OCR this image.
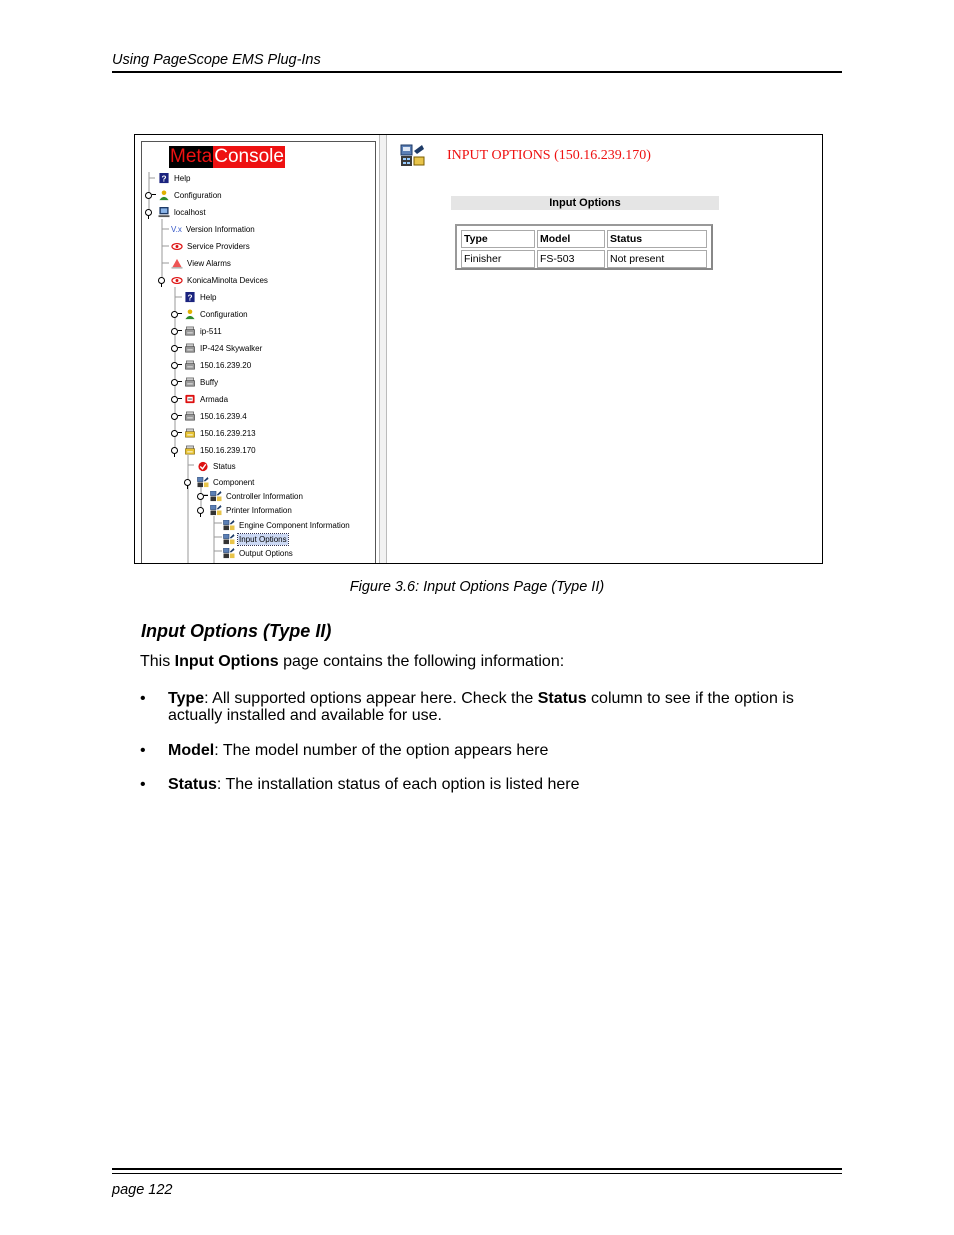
Using PageScope EMS Plug-Ins
Meta Console
? Help
Configuration
localhost
V.x Version Information
Service Providers
View Alarms
KonicaMinolta Devices
? Help
Configuration
ip-511
IP-424 Skywalker
150.16.239.20
Buffy
Armada
150.16.239.4
150.16.239.213
150.16.239.170
Status
Component
Controller Information
Printer Information
Engine Component Information
Input Options
Output Options
INPUT OPTIONS (150.16.239.170)
Input Options
Type	Model	Status
Finisher	FS-503	Not present
Figure 3.6: Input Options Page (Type II)
Input Options (Type II)
This Input Options page contains the following information:
• Type: All supported options appear here. Check the Status column to see if the option is actually installed and available for use.
• Model: The model number of the option appears here
• Status: The installation status of each option is listed here
page 122
